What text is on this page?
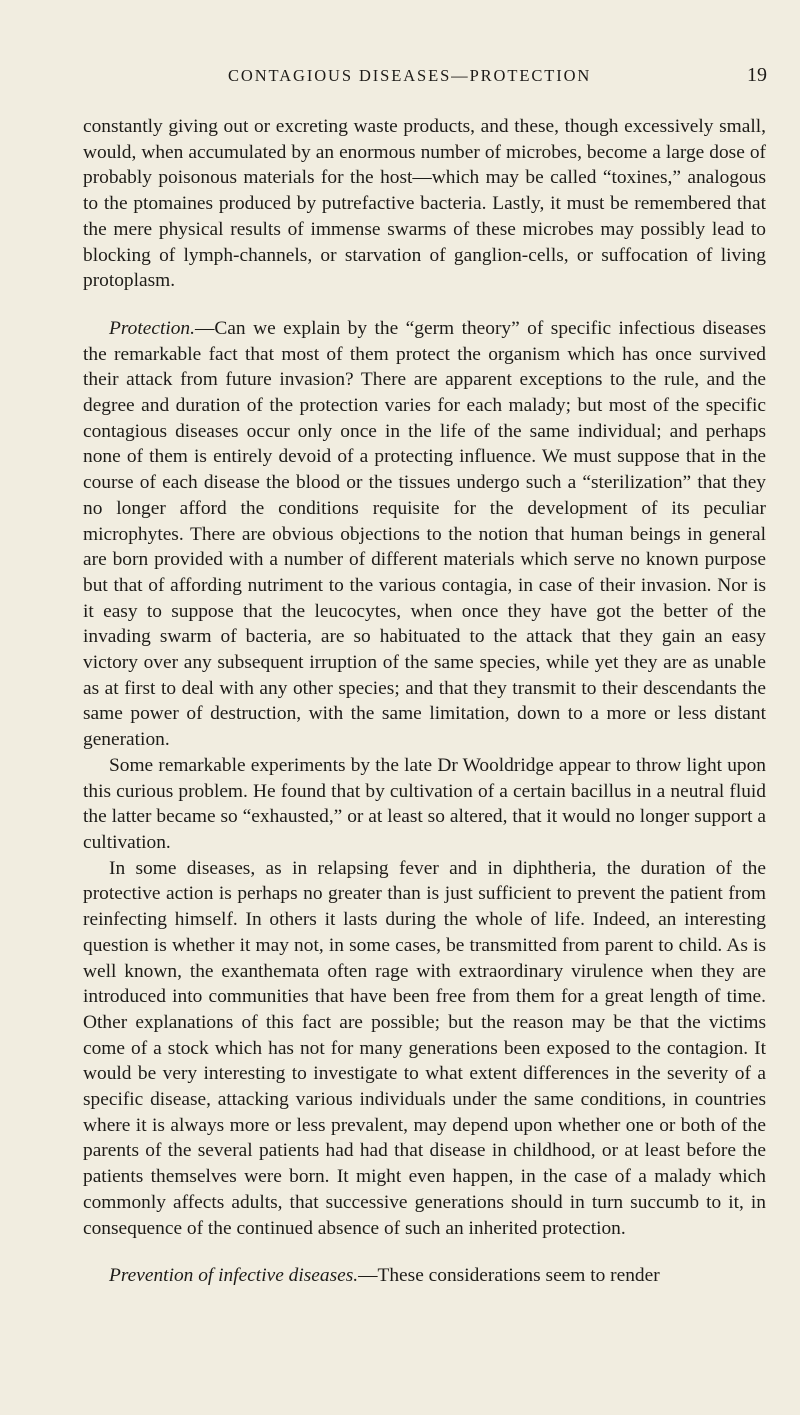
CONTAGIOUS DISEASES—PROTECTION	19

constantly giving out or excreting waste products, and these, though excessively small, would, when accumulated by an enormous number of microbes, become a large dose of probably poisonous materials for the host—which may be called “toxines,” analogous to the ptomaines produced by putrefactive bacteria. Lastly, it must be remembered that the mere physical results of immense swarms of these microbes may possibly lead to blocking of lymph-channels, or starvation of ganglion-cells, or suffocation of living protoplasm.

Protection.—Can we explain by the “germ theory” of specific infectious diseases the remarkable fact that most of them protect the organism which has once survived their attack from future invasion? There are apparent exceptions to the rule, and the degree and duration of the protection varies for each malady; but most of the specific contagious diseases occur only once in the life of the same individual; and perhaps none of them is entirely devoid of a protecting influence. We must suppose that in the course of each disease the blood or the tissues undergo such a “sterilization” that they no longer afford the conditions requisite for the development of its peculiar microphytes. There are obvious objections to the notion that human beings in general are born provided with a number of different materials which serve no known purpose but that of affording nutriment to the various contagia, in case of their invasion. Nor is it easy to suppose that the leucocytes, when once they have got the better of the invading swarm of bacteria, are so habituated to the attack that they gain an easy victory over any subsequent irruption of the same species, while yet they are as unable as at first to deal with any other species; and that they transmit to their descendants the same power of destruction, with the same limitation, down to a more or less distant generation.

Some remarkable experiments by the late Dr Wooldridge appear to throw light upon this curious problem. He found that by cultivation of a certain bacillus in a neutral fluid the latter became so “exhausted,” or at least so altered, that it would no longer support a cultivation.

In some diseases, as in relapsing fever and in diphtheria, the duration of the protective action is perhaps no greater than is just sufficient to prevent the patient from reinfecting himself. In others it lasts during the whole of life. Indeed, an interesting question is whether it may not, in some cases, be transmitted from parent to child. As is well known, the exanthemata often rage with extraordinary virulence when they are introduced into communities that have been free from them for a great length of time. Other explanations of this fact are possible; but the reason may be that the victims come of a stock which has not for many generations been exposed to the contagion. It would be very interesting to investigate to what extent differences in the severity of a specific disease, attacking various individuals under the same conditions, in countries where it is always more or less prevalent, may depend upon whether one or both of the parents of the several patients had had that disease in childhood, or at least before the patients themselves were born. It might even happen, in the case of a malady which commonly affects adults, that successive generations should in turn succumb to it, in consequence of the continued absence of such an inherited protection.

Prevention of infective diseases.—These considerations seem to render
